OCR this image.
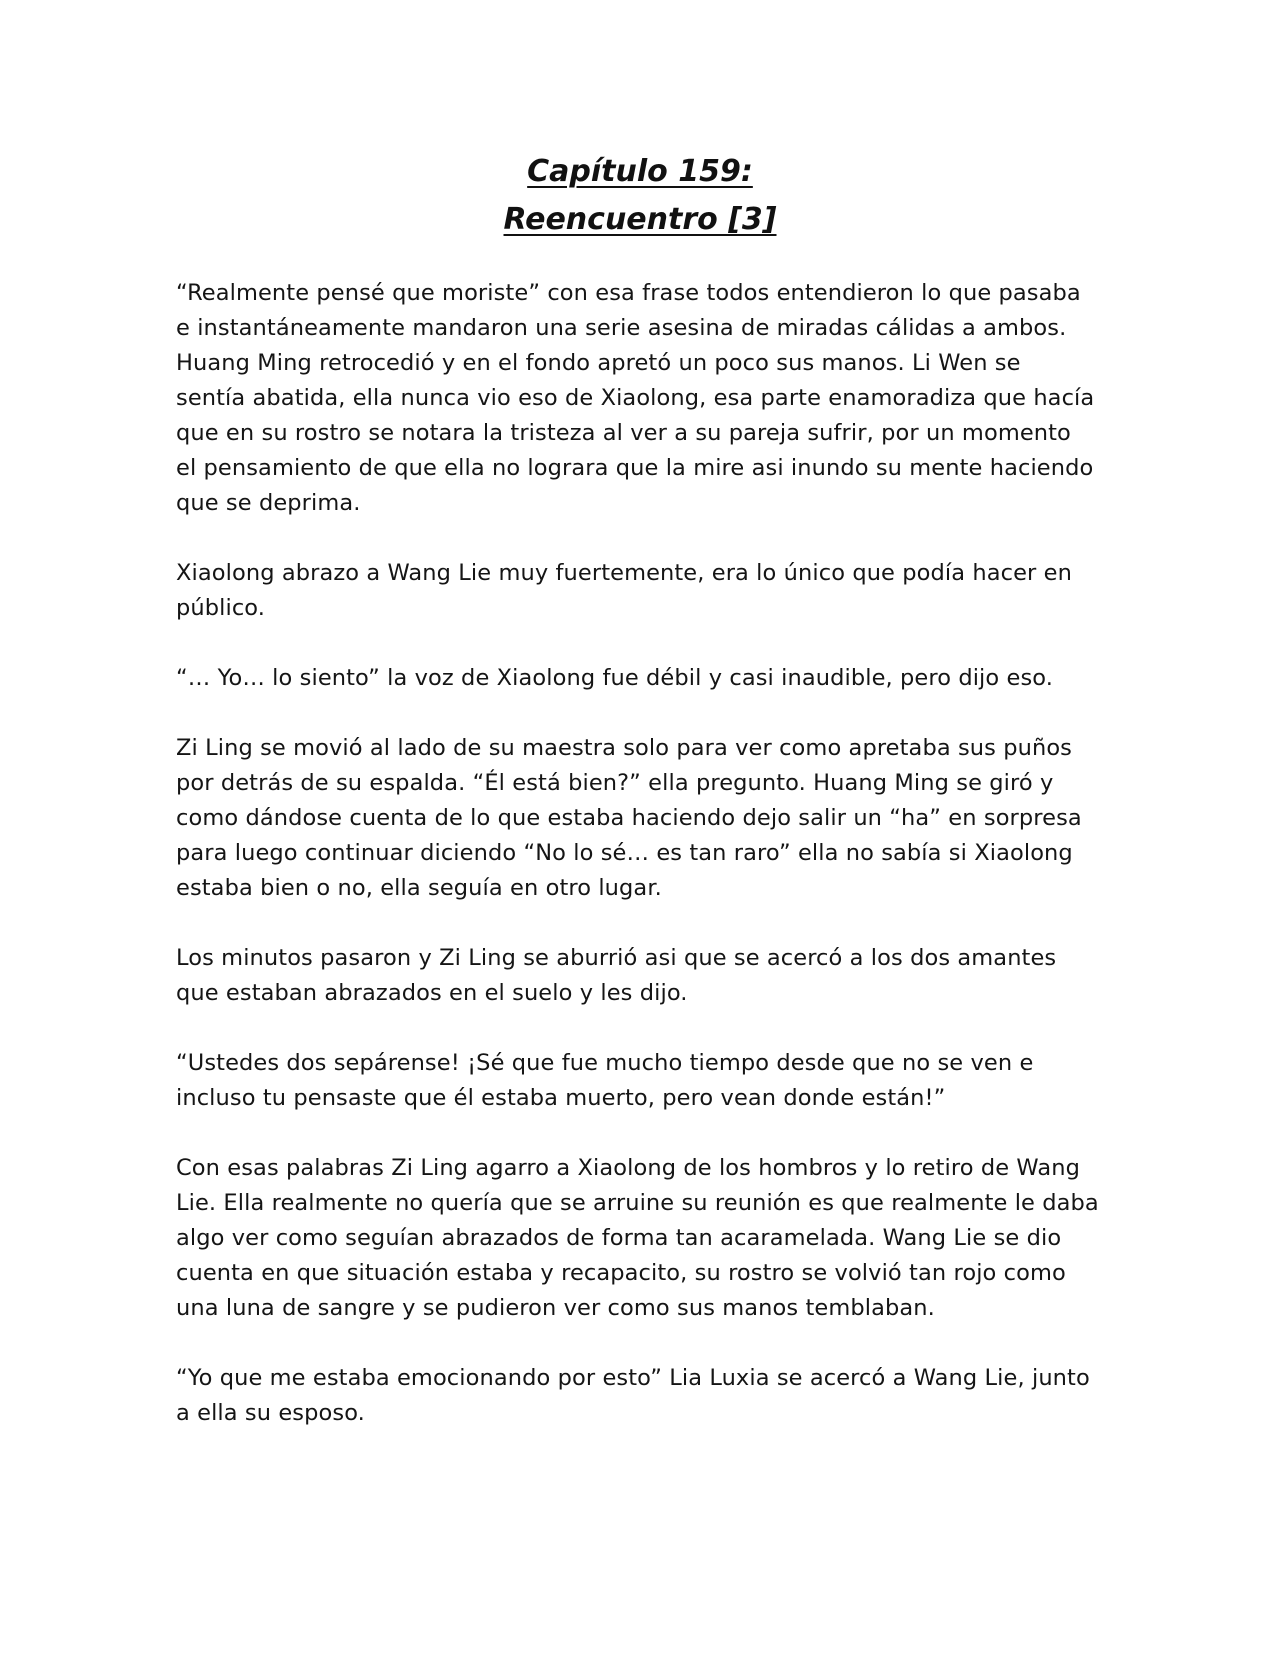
Capítulo 159:
Reencuentro [3]

“Realmente pensé que moriste” con esa frase todos entendieron lo que pasaba
e instantáneamente mandaron una serie asesina de miradas cálidas a ambos.
Huang Ming retrocedió y en el fondo apretó un poco sus manos. Li Wen se
sentía abatida, ella nunca vio eso de Xiaolong, esa parte enamoradiza que hacía
que en su rostro se notara la tristeza al ver a su pareja sufrir, por un momento
el pensamiento de que ella no lograra que la mire asi inundo su mente haciendo
que se deprima.

Xiaolong abrazo a Wang Lie muy fuertemente, era lo único que podía hacer en
público.

“… Yo… lo siento” la voz de Xiaolong fue débil y casi inaudible, pero dijo eso.

Zi Ling se movió al lado de su maestra solo para ver como apretaba sus puños
por detrás de su espalda. “Él está bien?” ella pregunto. Huang Ming se giró y
como dándose cuenta de lo que estaba haciendo dejo salir un “ha” en sorpresa
para luego continuar diciendo “No lo sé… es tan raro” ella no sabía si Xiaolong
estaba bien o no, ella seguía en otro lugar.

Los minutos pasaron y Zi Ling se aburrió asi que se acercó a los dos amantes
que estaban abrazados en el suelo y les dijo.

“Ustedes dos sepárense! ¡Sé que fue mucho tiempo desde que no se ven e
incluso tu pensaste que él estaba muerto, pero vean donde están!”

Con esas palabras Zi Ling agarro a Xiaolong de los hombros y lo retiro de Wang
Lie. Ella realmente no quería que se arruine su reunión es que realmente le daba
algo ver como seguían abrazados de forma tan acaramelada. Wang Lie se dio
cuenta en que situación estaba y recapacito, su rostro se volvió tan rojo como
una luna de sangre y se pudieron ver como sus manos temblaban.

“Yo que me estaba emocionando por esto” Lia Luxia se acercó a Wang Lie, junto
a ella su esposo.
